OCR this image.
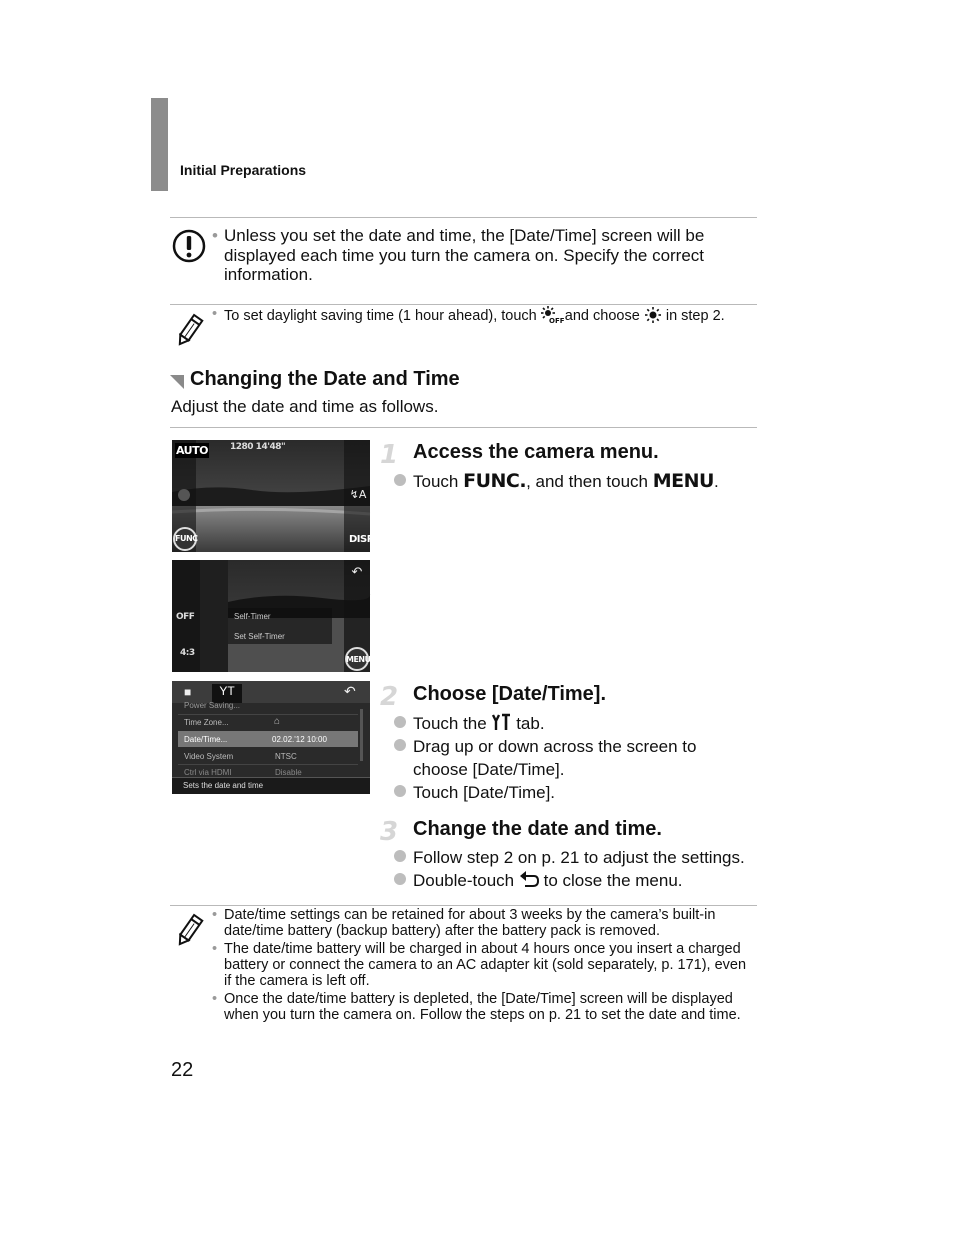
Initial Preparations
• Unless you set the date and time, the [Date/Time] screen will be displayed each time you turn the camera on. Specify the correct information.
• To set daylight saving time (1 hour ahead), touch OFF and choose in step 2.
Changing the Date and Time
Adjust the date and time as follows.
↯A
AUTO 1280 14'48"
FUNC	DISP
↶
OFF
4:3
Self-Timer
Set Self-Timer
MENU
■	YT	↶
Power Saving...
Time Zone...	⌂
Date/Time...	02.02.'12 10:00
Video System	NTSC
Ctrl via HDMI	Disable
Sets the date and time
1 Access the camera menu.
Touch FUNC., and then touch MENU.
2 Choose [Date/Time].
Touch the tab.
Drag up or down across the screen to choose [Date/Time].
Touch [Date/Time].
3 Change the date and time.
Follow step 2 on p. 21 to adjust the settings.
Double-touch to close the menu.
• Date/time settings can be retained for about 3 weeks by the camera’s built-in date/time battery (backup battery) after the battery pack is removed.
• The date/time battery will be charged in about 4 hours once you insert a charged battery or connect the camera to an AC adapter kit (sold separately, p. 171), even if the camera is left off.
• Once the date/time battery is depleted, the [Date/Time] screen will be displayed when you turn the camera on. Follow the steps on p. 21 to set the date and time.
22
